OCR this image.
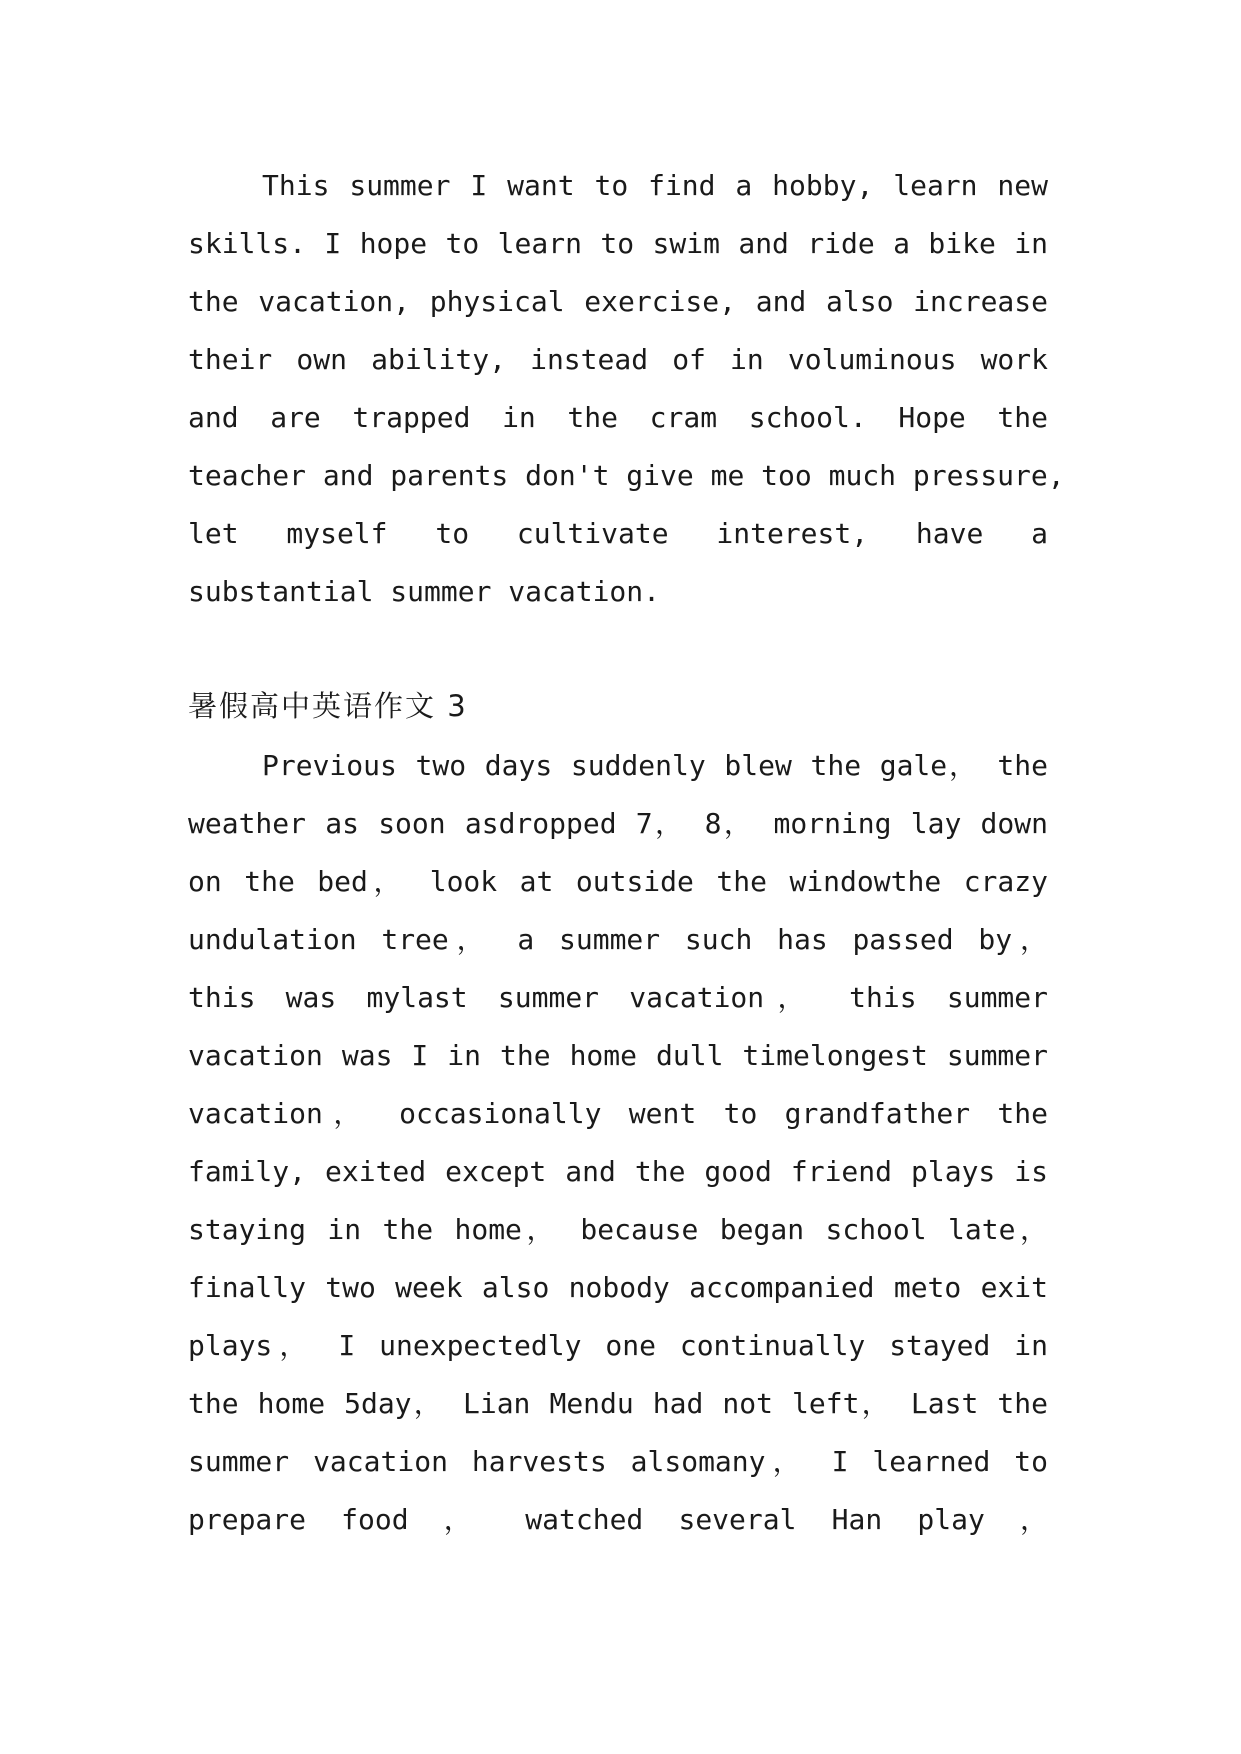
This summer I want to find a hobby, learn new
skills. I hope to learn to swim and ride a bike in
the vacation, physical exercise, and also increase
their own ability, instead of in voluminous work
and are trapped in the cram school. Hope the
teacher and parents don't give me too much pressure,
let myself to cultivate interest, have a
substantial summer vacation.
暑假高中英语作文 3
Previous two days suddenly blew the gale， the
weather as soon asdropped 7， 8， morning lay down
on the bed， look at outside the windowthe crazy
undulation tree， a summer such has passed by，
this was mylast summer vacation， this summer
vacation was I in the home dull timelongest summer
vacation， occasionally went to grandfather the
family, exited except and the good friend plays is
staying in the home， because began school late，
finally two week also nobody accompanied meto exit
plays， I unexpectedly one continually stayed in
the home 5day， Lian Mendu had not left， Last the
summer vacation harvests alsomany， I learned to
prepare food ， watched several Han play ，
